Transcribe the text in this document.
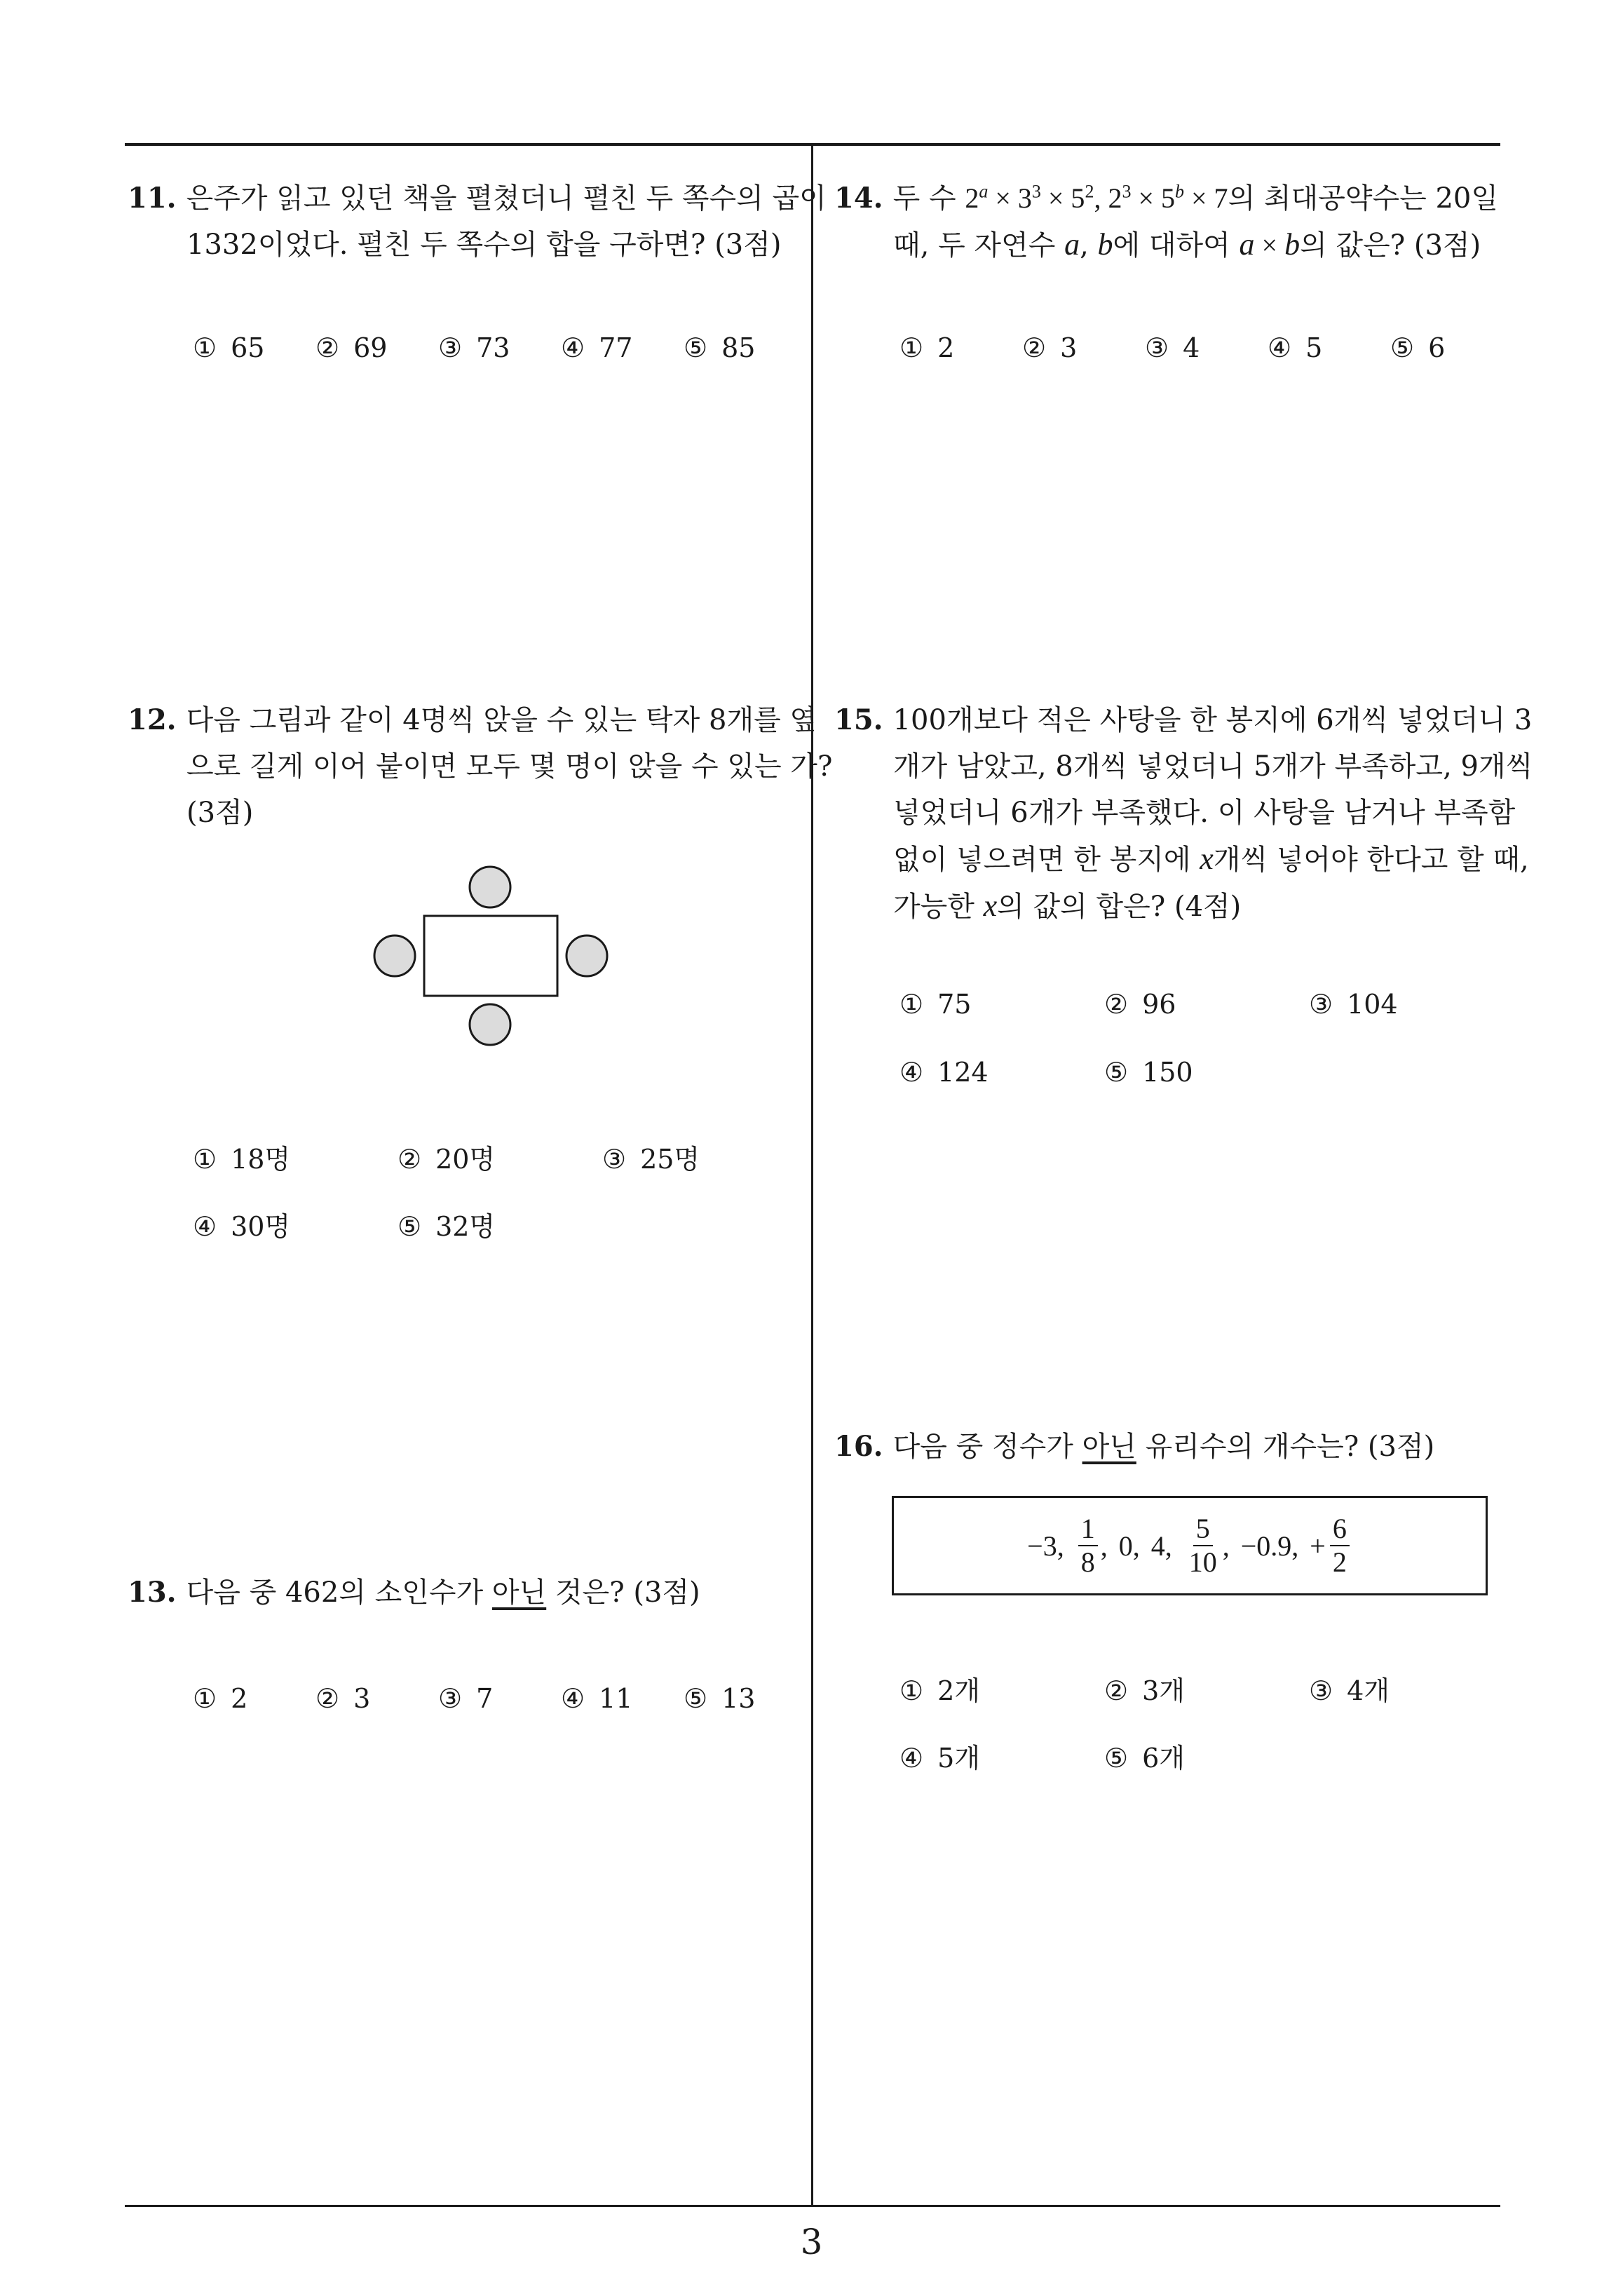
11. 은주가 읽고 있던 책을 펼쳤더니 펼친 두 쪽수의 곱이
1332이었다. 펼친 두 쪽수의 합을 구하면? (3점)
① 65 ② 69 ③ 73 ④ 77 ⑤ 85
14. 두 수 $2^a \times 3^3 \times 5^2$, $2^3 \times 5^b \times 7$의 최대공약수는 20일
때, 두 자연수 a, b에 대하여 a × b의 값은? (3점)
① 2	② 3	③ 4	④ 5	⑤ 6
12. 다음 그림과 같이 4명씩 앉을 수 있는 탁자 8개를 옆
으로 길게 이어 붙이면 모두 몇 명이 앉을 수 있는 가?
(3점)
① 18명	② 20명	③ 25명
④ 30명	⑤ 32명
15. 100개보다 적은 사탕을 한 봉지에 6개씩 넣었더니 3
개가 남았고, 8개씩 넣었더니 5개가 부족하고, 9개씩
넣었더니 6개가 부족했다. 이 사탕을 남거나 부족함
없이 넣으려면 한 봉지에 x개씩 넣어야 한다고 할 때,
가능한 x의 값의 합은? (4점)
① 75	② 96	③ 104
④ 124	⑤ 150
16. 다음 중 정수가 아닌 유리수의 개수는? (3점)
−3, $\frac{1}{8}$ , 0, 4, $\frac{5}{10}$ , −0.9, + $\frac{6}{2}$
① 2개	② 3개	③ 4개
④ 5개	⑤ 6개
13. 다음 중 462의 소인수가 아닌 것은? (3점)
① 2	② 3	③ 7	④ 11 ⑤ 13
3
